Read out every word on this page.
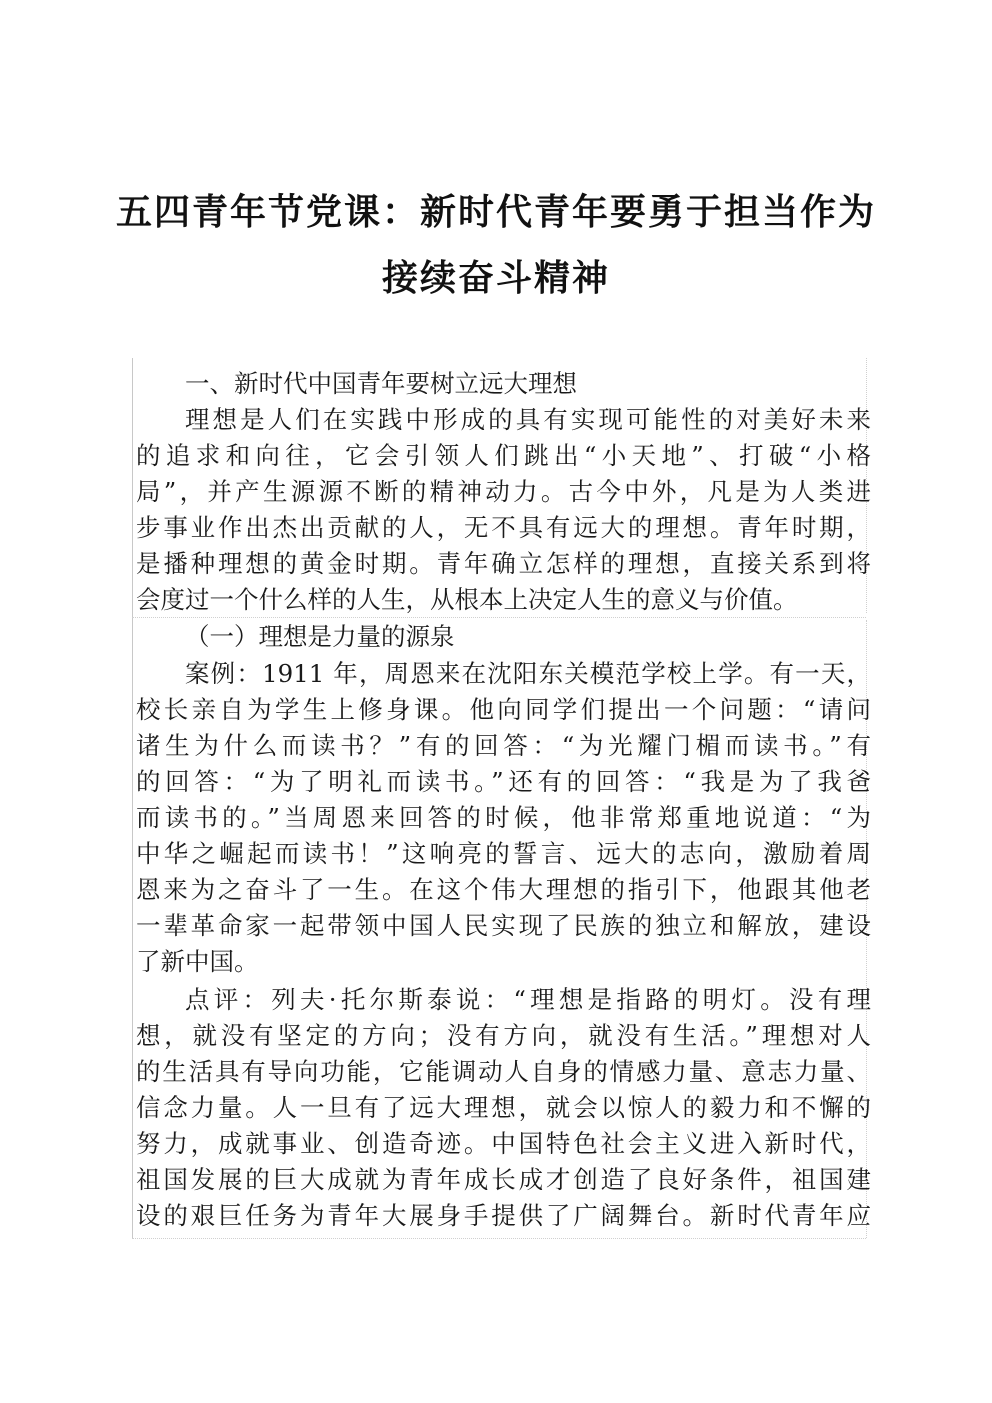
五四青年节党课：新时代青年要勇于担当作为
接续奋斗精神

一、新时代中国青年要树立远大理想

理想是人们在实践中形成的具有实现可能性的对美好未来

的追求和向往，它会引领人们跳出“小天地”、打破“小格

局”，并产生源源不断的精神动力。古今中外，凡是为人类进

步事业作出杰出贡献的人，无不具有远大的理想。青年时期，

是播种理想的黄金时期。青年确立怎样的理想，直接关系到将

会度过一个什么样的人生，从根本上决定人生的意义与价值。

（一）理想是力量的源泉

案例：1911 年，周恩来在沈阳东关模范学校上学。有一天，

校长亲自为学生上修身课。他向同学们提出一个问题：“请问

诸生为什么而读书？”有的回答：“为光耀门楣而读书。”有

的回答：“为了明礼而读书。”还有的回答：“我是为了我爸

而读书的。”当周恩来回答的时候，他非常郑重地说道：“为

中华之崛起而读书！”这响亮的誓言、远大的志向，激励着周

恩来为之奋斗了一生。在这个伟大理想的指引下，他跟其他老

一辈革命家一起带领中国人民实现了民族的独立和解放，建设

了新中国。

点评：列夫·托尔斯泰说：“理想是指路的明灯。没有理

想，就没有坚定的方向；没有方向，就没有生活。”理想对人

的生活具有导向功能，它能调动人自身的情感力量、意志力量、

信念力量。人一旦有了远大理想，就会以惊人的毅力和不懈的

努力，成就事业、创造奇迹。中国特色社会主义进入新时代，

祖国发展的巨大成就为青年成长成才创造了良好条件，祖国建

设的艰巨任务为青年大展身手提供了广阔舞台。新时代青年应
